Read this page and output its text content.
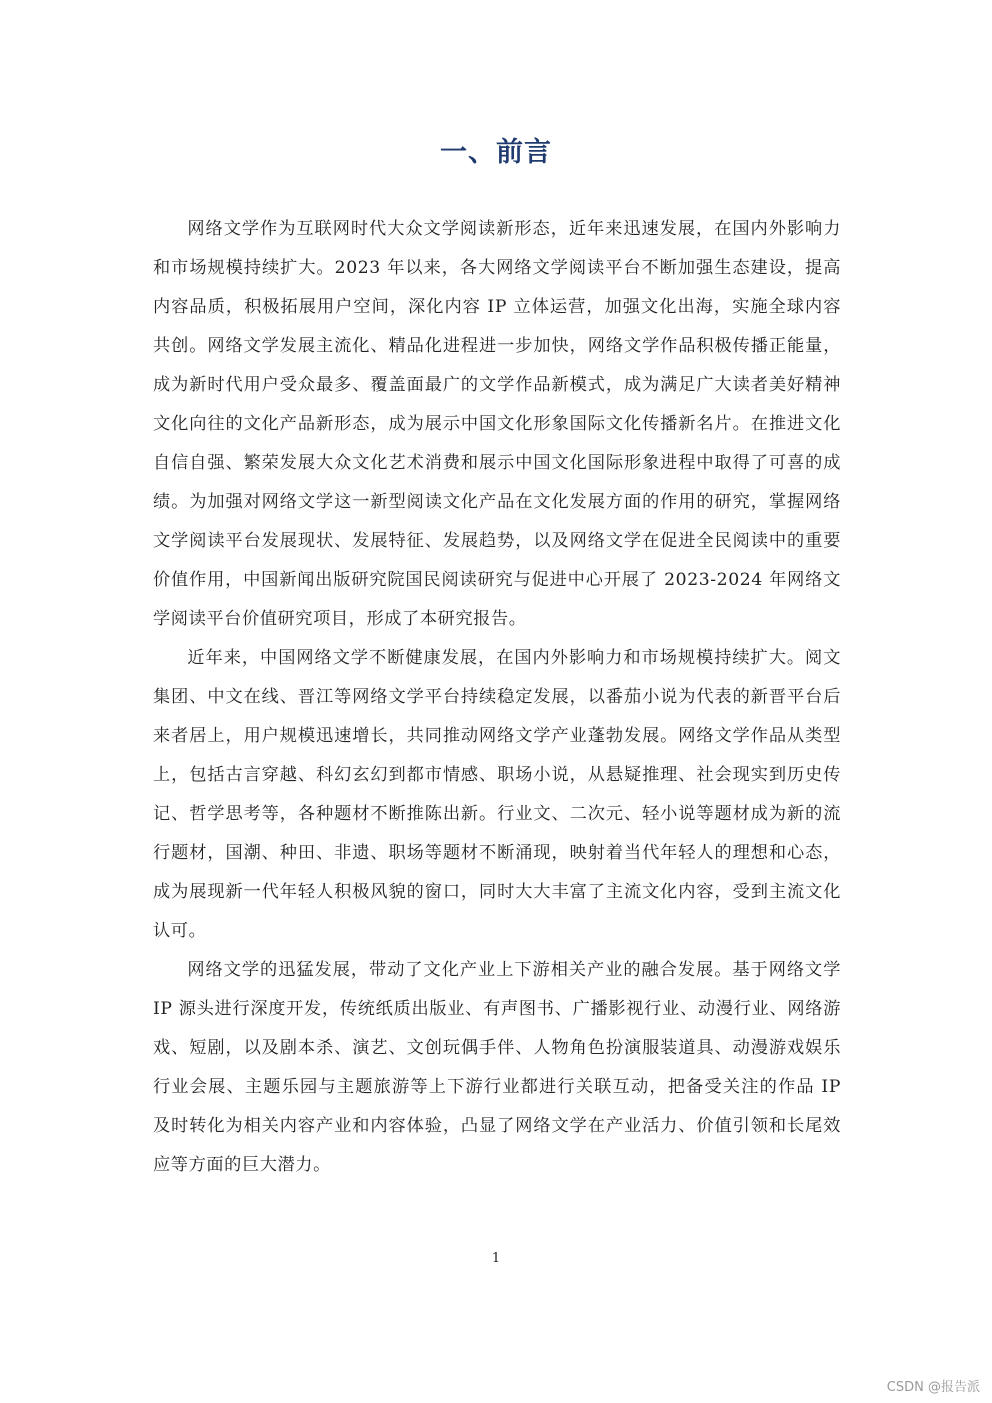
一、前言

网络文学作为互联网时代大众文学阅读新形态，近年来迅速发展，在国内外影响力和市场规模持续扩大。2023 年以来，各大网络文学阅读平台不断加强生态建设，提高内容品质，积极拓展用户空间，深化内容 IP 立体运营，加强文化出海，实施全球内容共创。网络文学发展主流化、精品化进程进一步加快，网络文学作品积极传播正能量，成为新时代用户受众最多、覆盖面最广的文学作品新模式，成为满足广大读者美好精神文化向往的文化产品新形态，成为展示中国文化形象国际文化传播新名片。在推进文化自信自强、繁荣发展大众文化艺术消费和展示中国文化国际形象进程中取得了可喜的成绩。为加强对网络文学这一新型阅读文化产品在文化发展方面的作用的研究，掌握网络文学阅读平台发展现状、发展特征、发展趋势，以及网络文学在促进全民阅读中的重要价值作用，中国新闻出版研究院国民阅读研究与促进中心开展了 2023-2024 年网络文学阅读平台价值研究项目，形成了本研究报告。

近年来，中国网络文学不断健康发展，在国内外影响力和市场规模持续扩大。阅文集团、中文在线、晋江等网络文学平台持续稳定发展，以番茄小说为代表的新晋平台后来者居上，用户规模迅速增长，共同推动网络文学产业蓬勃发展。网络文学作品从类型上，包括古言穿越、科幻玄幻到都市情感、职场小说，从悬疑推理、社会现实到历史传记、哲学思考等，各种题材不断推陈出新。行业文、二次元、轻小说等题材成为新的流行题材，国潮、种田、非遗、职场等题材不断涌现，映射着当代年轻人的理想和心态，成为展现新一代年轻人积极风貌的窗口，同时大大丰富了主流文化内容，受到主流文化认可。

网络文学的迅猛发展，带动了文化产业上下游相关产业的融合发展。基于网络文学 IP 源头进行深度开发，传统纸质出版业、有声图书、广播影视行业、动漫行业、网络游戏、短剧，以及剧本杀、演艺、文创玩偶手伴、人物角色扮演服装道具、动漫游戏娱乐行业会展、主题乐园与主题旅游等上下游行业都进行关联互动，把备受关注的作品 IP 及时转化为相关内容产业和内容体验，凸显了网络文学在产业活力、价值引领和长尾效应等方面的巨大潜力。

1
CSDN @报告派
